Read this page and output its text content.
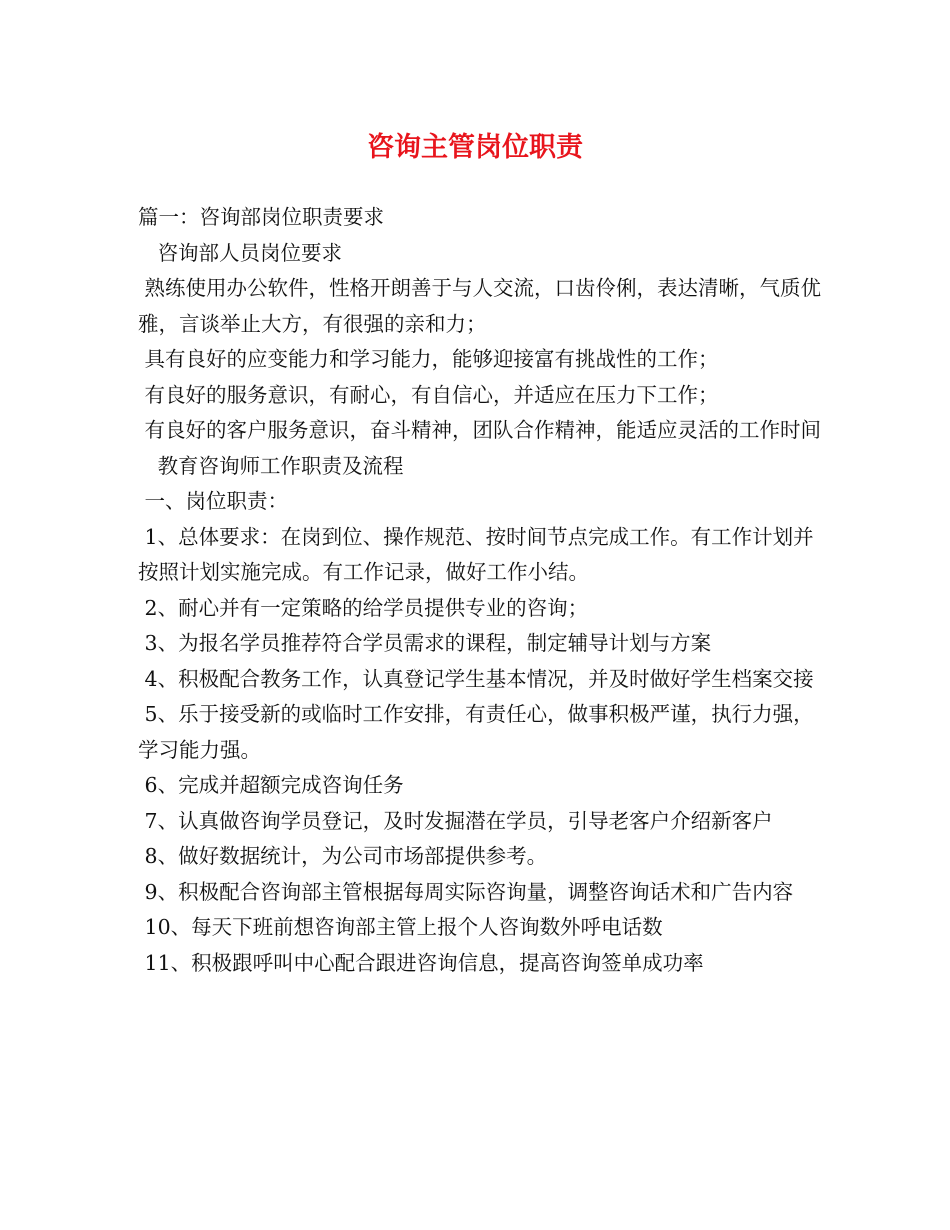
咨询主管岗位职责

篇一：咨询部岗位职责要求

咨询部人员岗位要求

熟练使用办公软件，性格开朗善于与人交流，口齿伶俐，表达清晰，气质优雅，言谈举止大方，有很强的亲和力；

具有良好的应变能力和学习能力，能够迎接富有挑战性的工作；

有良好的服务意识，有耐心，有自信心，并适应在压力下工作；

有良好的客户服务意识，奋斗精神，团队合作精神，能适应灵活的工作时间

教育咨询师工作职责及流程

一、岗位职责：

1、总体要求：在岗到位、操作规范、按时间节点完成工作。有工作计划并按照计划实施完成。有工作记录，做好工作小结。

2、耐心并有一定策略的给学员提供专业的咨询；

3、为报名学员推荐符合学员需求的课程，制定辅导计划与方案

4、积极配合教务工作，认真登记学生基本情况，并及时做好学生档案交接

5、乐于接受新的或临时工作安排，有责任心，做事积极严谨，执行力强，学习能力强。

6、完成并超额完成咨询任务

7、认真做咨询学员登记，及时发掘潜在学员，引导老客户介绍新客户

8、做好数据统计，为公司市场部提供参考。

9、积极配合咨询部主管根据每周实际咨询量，调整咨询话术和广告内容

10、每天下班前想咨询部主管上报个人咨询数外呼电话数

11、积极跟呼叫中心配合跟进咨询信息，提高咨询签单成功率
